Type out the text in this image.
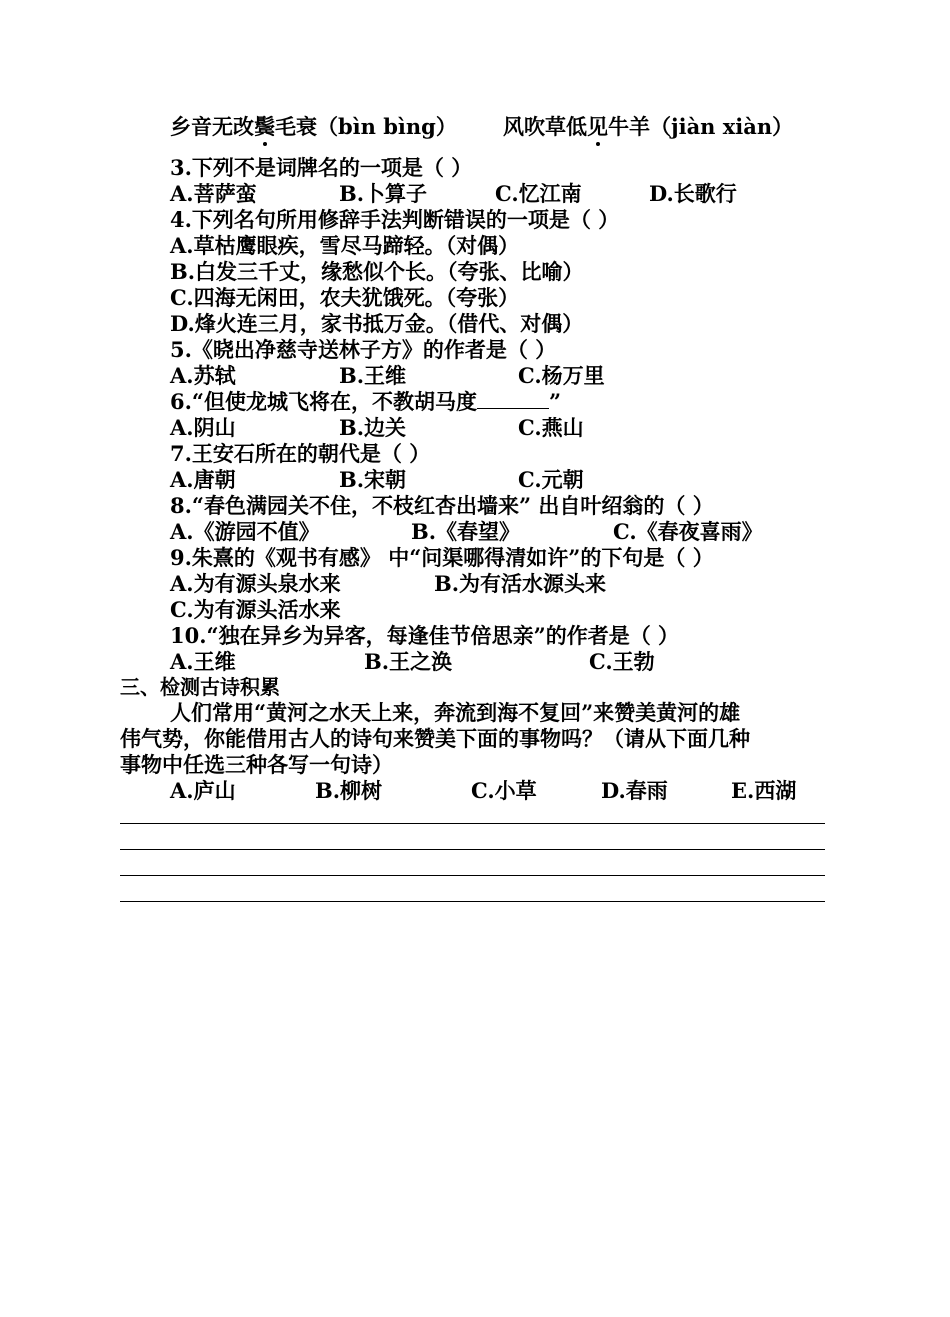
乡音无改鬓毛衰（bìn bìng） 风吹草低见牛羊（jiàn xiàn）
3.下列不是词牌名的一项是（ ）
A.菩萨蛮	B.卜算子	C.忆江南	D.长歌行
4.下列名句所用修辞手法判断错误的一项是（ ）
A.草枯鹰眼疾，雪尽马蹄轻。（对偶）
B.白发三千丈，缘愁似个长。（夸张、比喻）
C.四海无闲田，农夫犹饿死。（夸张）
D.烽火连三月，家书抵万金。（借代、对偶）
5.《晓出净慈寺送林子方》的作者是（ ）
A.苏轼	B.王维	C.杨万里
6.“但使龙城飞将在，不教胡马度	”
A.阴山	B.边关	C.燕山
7.王安石所在的朝代是（ ）
A.唐朝	B.宋朝	C.元朝
8.“春色满园关不住，不枝红杏出墙来” 出自叶绍翁的（ ）
A.《游园不值》	B.《春望》	C.《春夜喜雨》
9.朱熹的《观书有感》 中“问渠哪得清如许”的下句是（ ）
A.为有源头泉水来	B.为有活水源头来
C.为有源头活水来
10.“独在异乡为异客，每逢佳节倍思亲”的作者是（ ）
A.王维	B.王之涣	C.王勃
三、检测古诗积累
人们常用“黄河之水天上来，奔流到海不复回”来赞美黄河的雄
伟气势，你能借用古人的诗句来赞美下面的事物吗？（请从下面几种
事物中任选三种各写一句诗）
A.庐山	B.柳树	C.小草	D.春雨	E.西湖
